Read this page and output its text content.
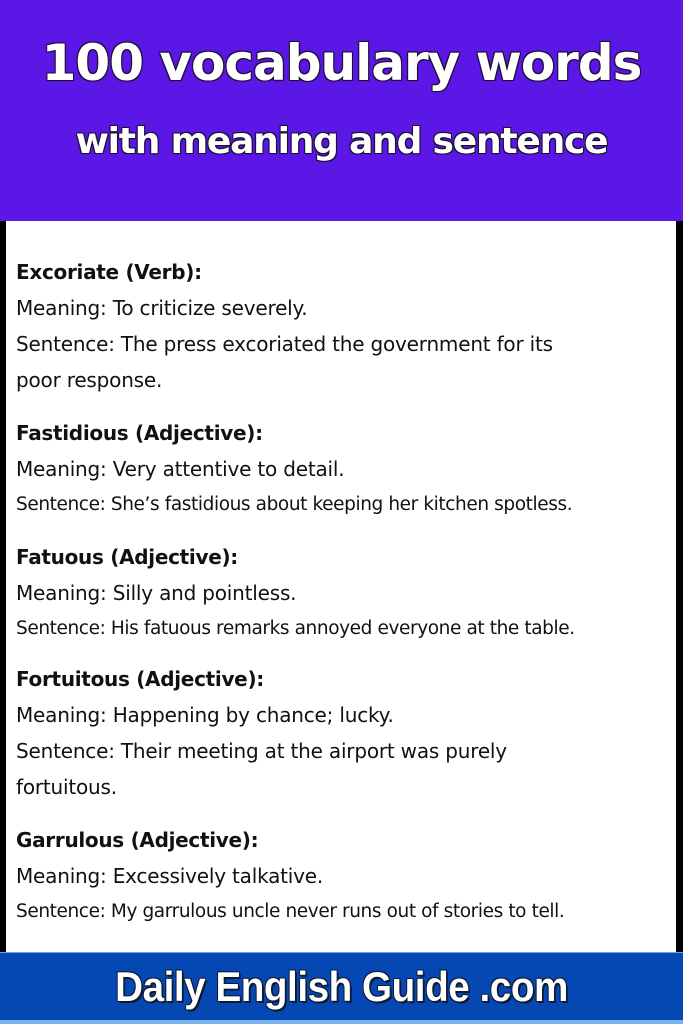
100 vocabulary words
with meaning and sentence

Excoriate (Verb):

Meaning: To criticize severely.

Sentence: The press excoriated the government for its

poor response.

Fastidious (Adjective):

Meaning: Very attentive to detail.

Sentence: She’s fastidious about keeping her kitchen spotless.

Fatuous (Adjective):

Meaning: Silly and pointless.

Sentence: His fatuous remarks annoyed everyone at the table.

Fortuitous (Adjective):

Meaning: Happening by chance; lucky.

Sentence: Their meeting at the airport was purely

fortuitous.

Garrulous (Adjective):

Meaning: Excessively talkative.

Sentence: My garrulous uncle never runs out of stories to tell.

Daily English Guide .com
